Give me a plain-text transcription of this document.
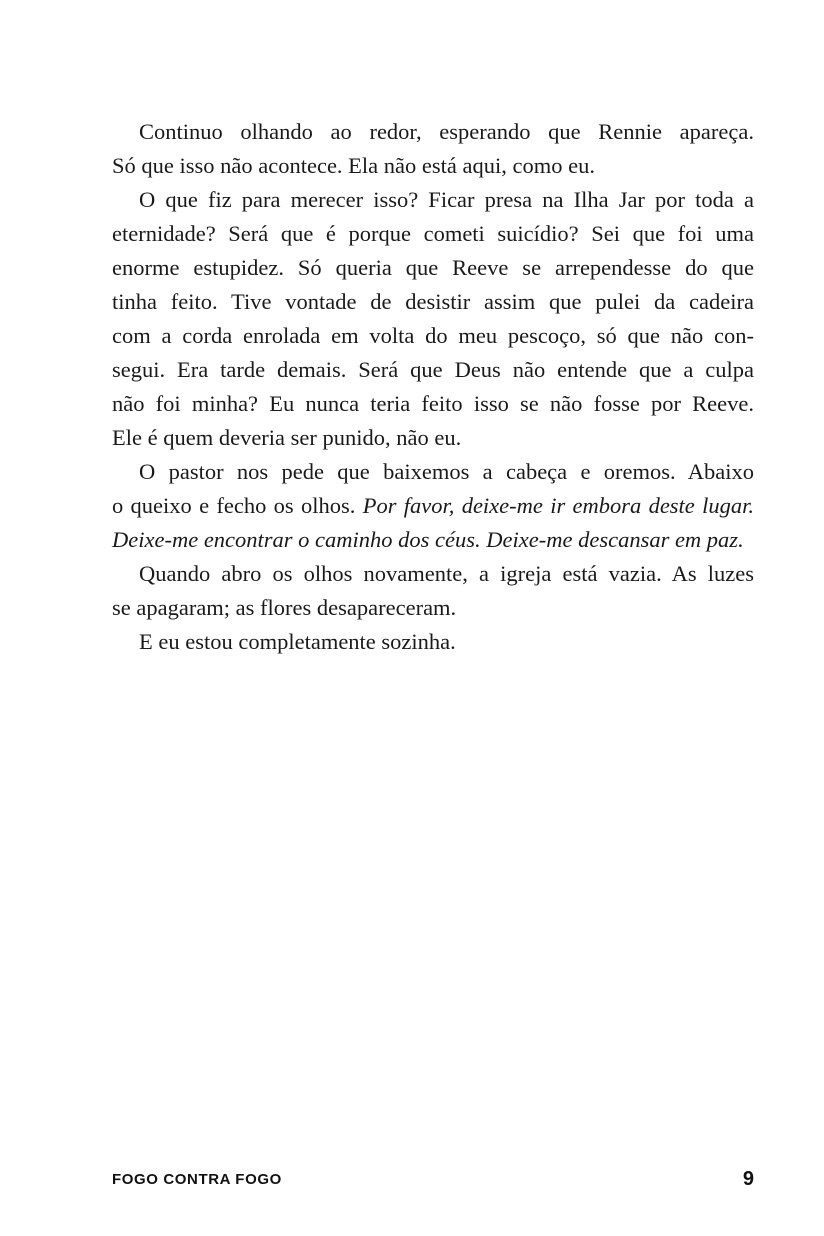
Continuo olhando ao redor, esperando que Rennie apareça.
Só que isso não acontece. Ela não está aqui, como eu.
O que fiz para merecer isso? Ficar presa na Ilha Jar por toda a
eternidade? Será que é porque cometi suicídio? Sei que foi uma
enorme estupidez. Só queria que Reeve se arrependesse do que
tinha feito. Tive vontade de desistir assim que pulei da cadeira
com a corda enrolada em volta do meu pescoço, só que não con-
segui. Era tarde demais. Será que Deus não entende que a culpa
não foi minha? Eu nunca teria feito isso se não fosse por Reeve.
Ele é quem deveria ser punido, não eu.
O pastor nos pede que baixemos a cabeça e oremos. Abaixo
o queixo e fecho os olhos. Por favor, deixe-me ir embora deste lugar.
Deixe-me encontrar o caminho dos céus. Deixe-me descansar em paz.
Quando abro os olhos novamente, a igreja está vazia. As luzes
se apagaram; as flores desapareceram.
E eu estou completamente sozinha.
FOGO CONTRA FOGO	9
